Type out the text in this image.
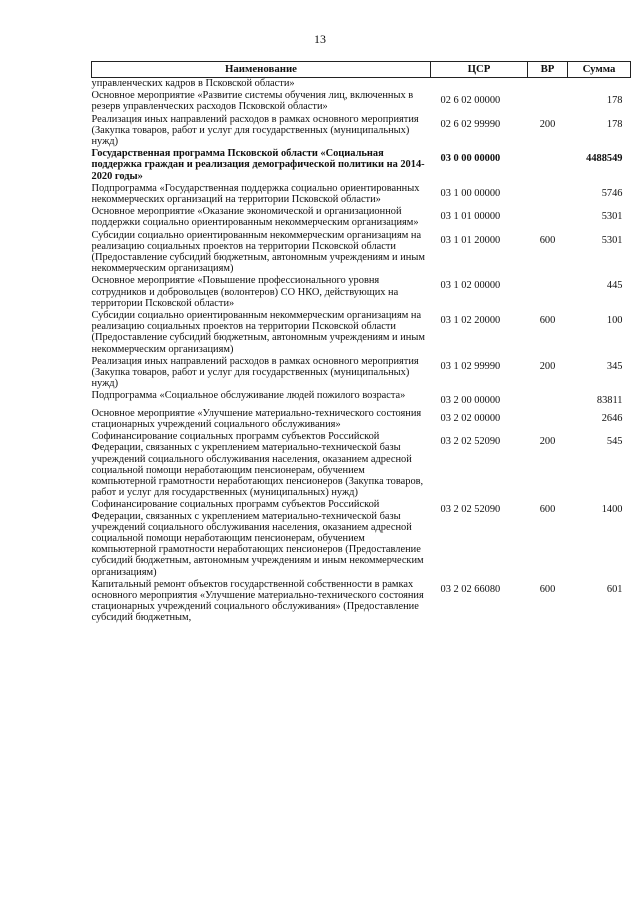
13
Наименование	ЦСР	ВР	Сумма
управленческих кадров в Псковской области»			
Основное мероприятие «Развитие системы обучения лиц, включенных в резерв управленческих расходов Псковской области»	02 6 02 00000		178
Реализация иных направлений расходов в рамках основного мероприятия (Закупка товаров, работ и услуг для государственных (муниципальных) нужд)	02 6 02 99990	200	178
Государственная программа Псковской области «Социальная поддержка граждан и реализация демографической политики на 2014-2020 годы»	03 0 00 00000		4488549
Подпрограмма «Государственная поддержка социально ориентированных некоммерческих организаций на территории Псковской области»	03 1 00 00000		5746
Основное мероприятие «Оказание экономической и организационной поддержки социально ориентированным некоммерческим организациям»	03 1 01 00000		5301
Субсидии социально ориентированным некоммерческим организациям на реализацию социальных проектов на территории Псковской области (Предоставление субсидий бюджетным, автономным учреждениям и иным некоммерческим организациям)	03 1 01 20000	600	5301
Основное мероприятие «Повышение профессионального уровня сотрудников и добровольцев (волонтеров) СО НКО, действующих на территории Псковской области»	03 1 02 00000		445
Субсидии социально ориентированным некоммерческим организациям на реализацию социальных проектов на территории Псковской области (Предоставление субсидий бюджетным, автономным учреждениям и иным некоммерческим организациям)	03 1 02 20000	600	100
Реализация иных направлений расходов в рамках основного мероприятия (Закупка товаров, работ и услуг для государственных (муниципальных) нужд)	03 1 02 99990	200	345
Подпрограмма «Социальное обслуживание людей пожилого возраста»	03 2 00 00000		83811
Основное мероприятие «Улучшение материально-технического состояния стационарных учреждений социального обслуживания»	03 2 02 00000		2646
Софинансирование социальных программ субъектов Российской Федерации, связанных с укреплением материально-технической базы учреждений социального обслуживания населения, оказанием адресной социальной помощи неработающим пенсионерам, обучением компьютерной грамотности неработающих пенсионеров (Закупка товаров, работ и услуг для государственных (муниципальных) нужд)	03 2 02 52090	200	545
Софинансирование социальных программ субъектов Российской Федерации, связанных с укреплением материально-технической базы учреждений социального обслуживания населения, оказанием адресной социальной помощи неработающим пенсионерам, обучением компьютерной грамотности неработающих пенсионеров (Предоставление субсидий бюджетным, автономным учреждениям и иным некоммерческим организациям)	03 2 02 52090	600	1400
Капитальный ремонт объектов государственной собственности в рамках основного мероприятия «Улучшение материально-технического состояния стационарных учреждений социального обслуживания» (Предоставление субсидий бюджетным,	03 2 02 66080	600	601
